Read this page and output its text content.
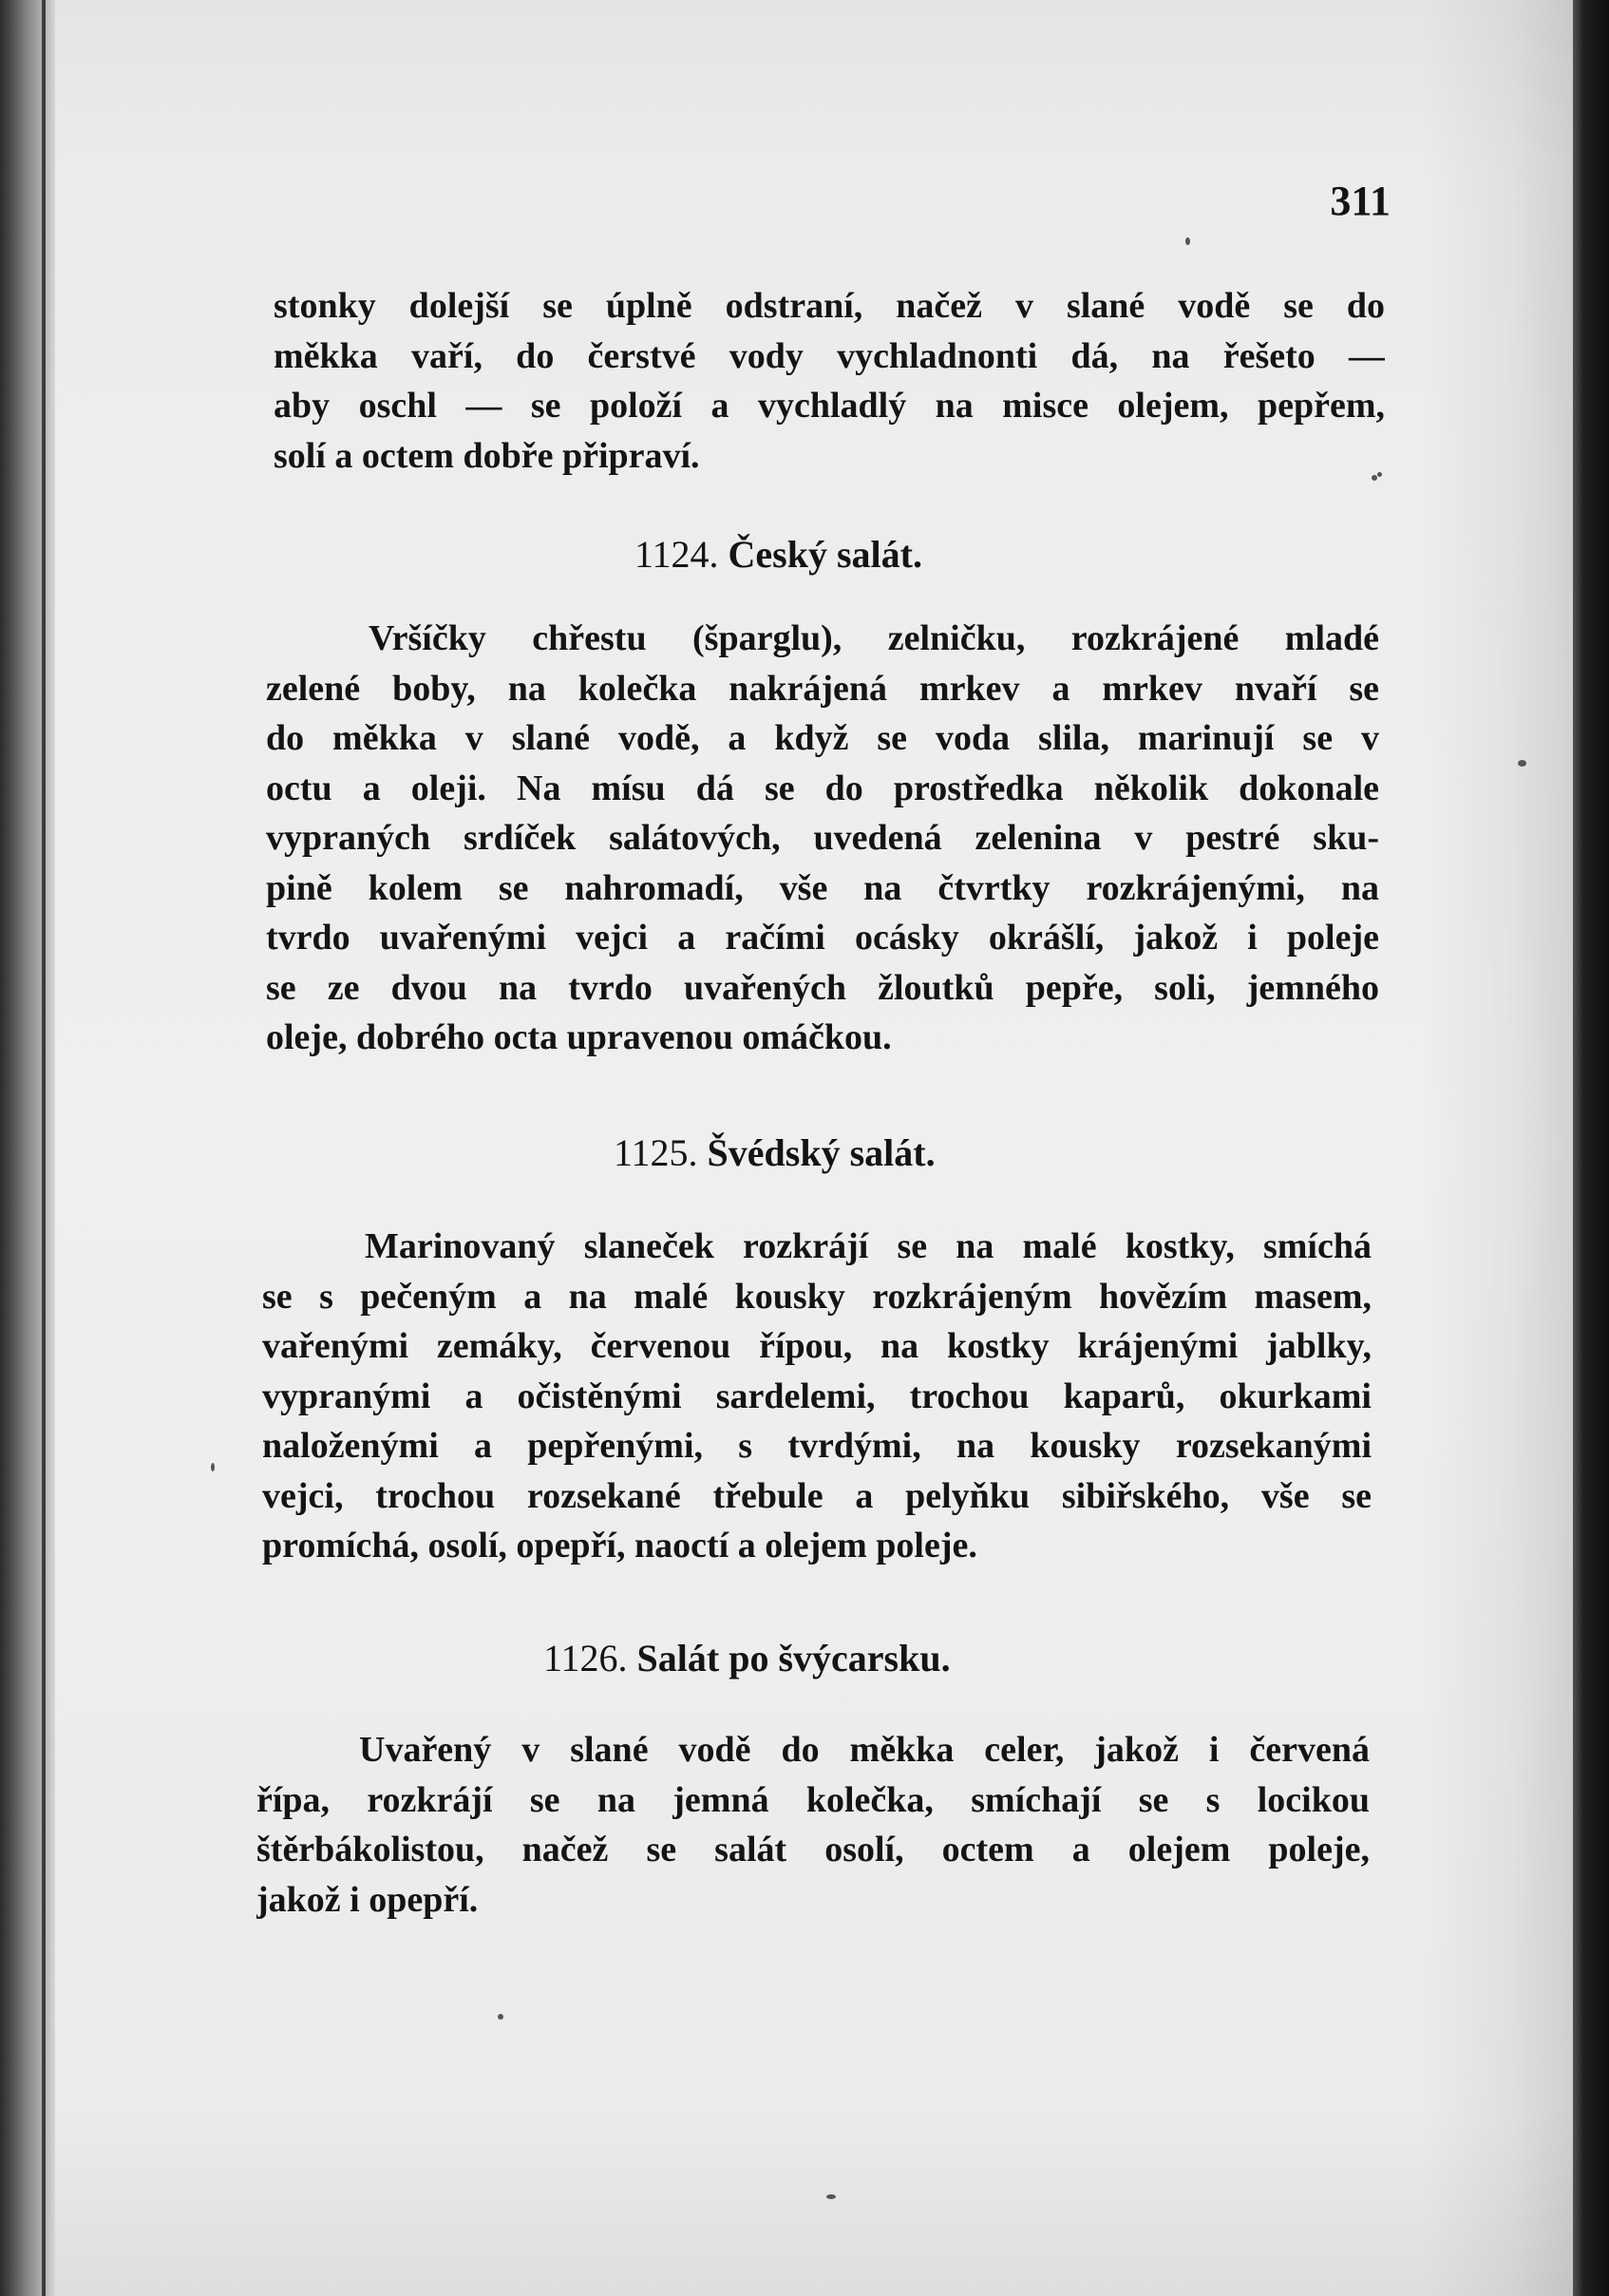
311
stonky dolejší se úplně odstraní, načež v slané vodě se do
měkka vaří, do čerstvé vody vychladnonti dá, na řešeto —
aby oschl — se položí a vychladlý na misce olejem, pepřem,
solí a octem dobře připraví.
1124. Český salát.
Vršíčky chřestu (šparglu), zelničku, rozkrájené mladé
zelené boby, na kolečka nakrájená mrkev a mrkev nvaří se
do měkka v slané vodě, a když se voda slila, marinují se v
octu a oleji. Na mísu dá se do prostředka několik dokonale
vypraných srdíček salátových, uvedená zelenina v pestré sku-
pině kolem se nahromadí, vše na čtvrtky rozkrájenými, na
tvrdo uvařenými vejci a račími ocásky okrášlí, jakož i poleje
se ze dvou na tvrdo uvařených žloutků pepře, soli, jemného
oleje, dobrého octa upravenou omáčkou.
1125. Švédský salát.
Marinovaný slaneček rozkrájí se na malé kostky, smíchá
se s pečeným a na malé kousky rozkrájeným hovězím masem,
vařenými zemáky, červenou řípou, na kostky krájenými jablky,
vypranými a očistěnými sardelemi, trochou kaparů, okurkami
naloženými a pepřenými, s tvrdými, na kousky rozsekanými
vejci, trochou rozsekané třebule a pelyňku sibiřského, vše se
promíchá, osolí, opepří, naoctí a olejem poleje.
1126. Salát po švýcarsku.
Uvařený v slané vodě do měkka celer, jakož i červená
řípa, rozkrájí se na jemná kolečka, smíchají se s locikou
štěrbákolistou, načež se salát osolí, octem a olejem poleje,
jakož i opepří.
